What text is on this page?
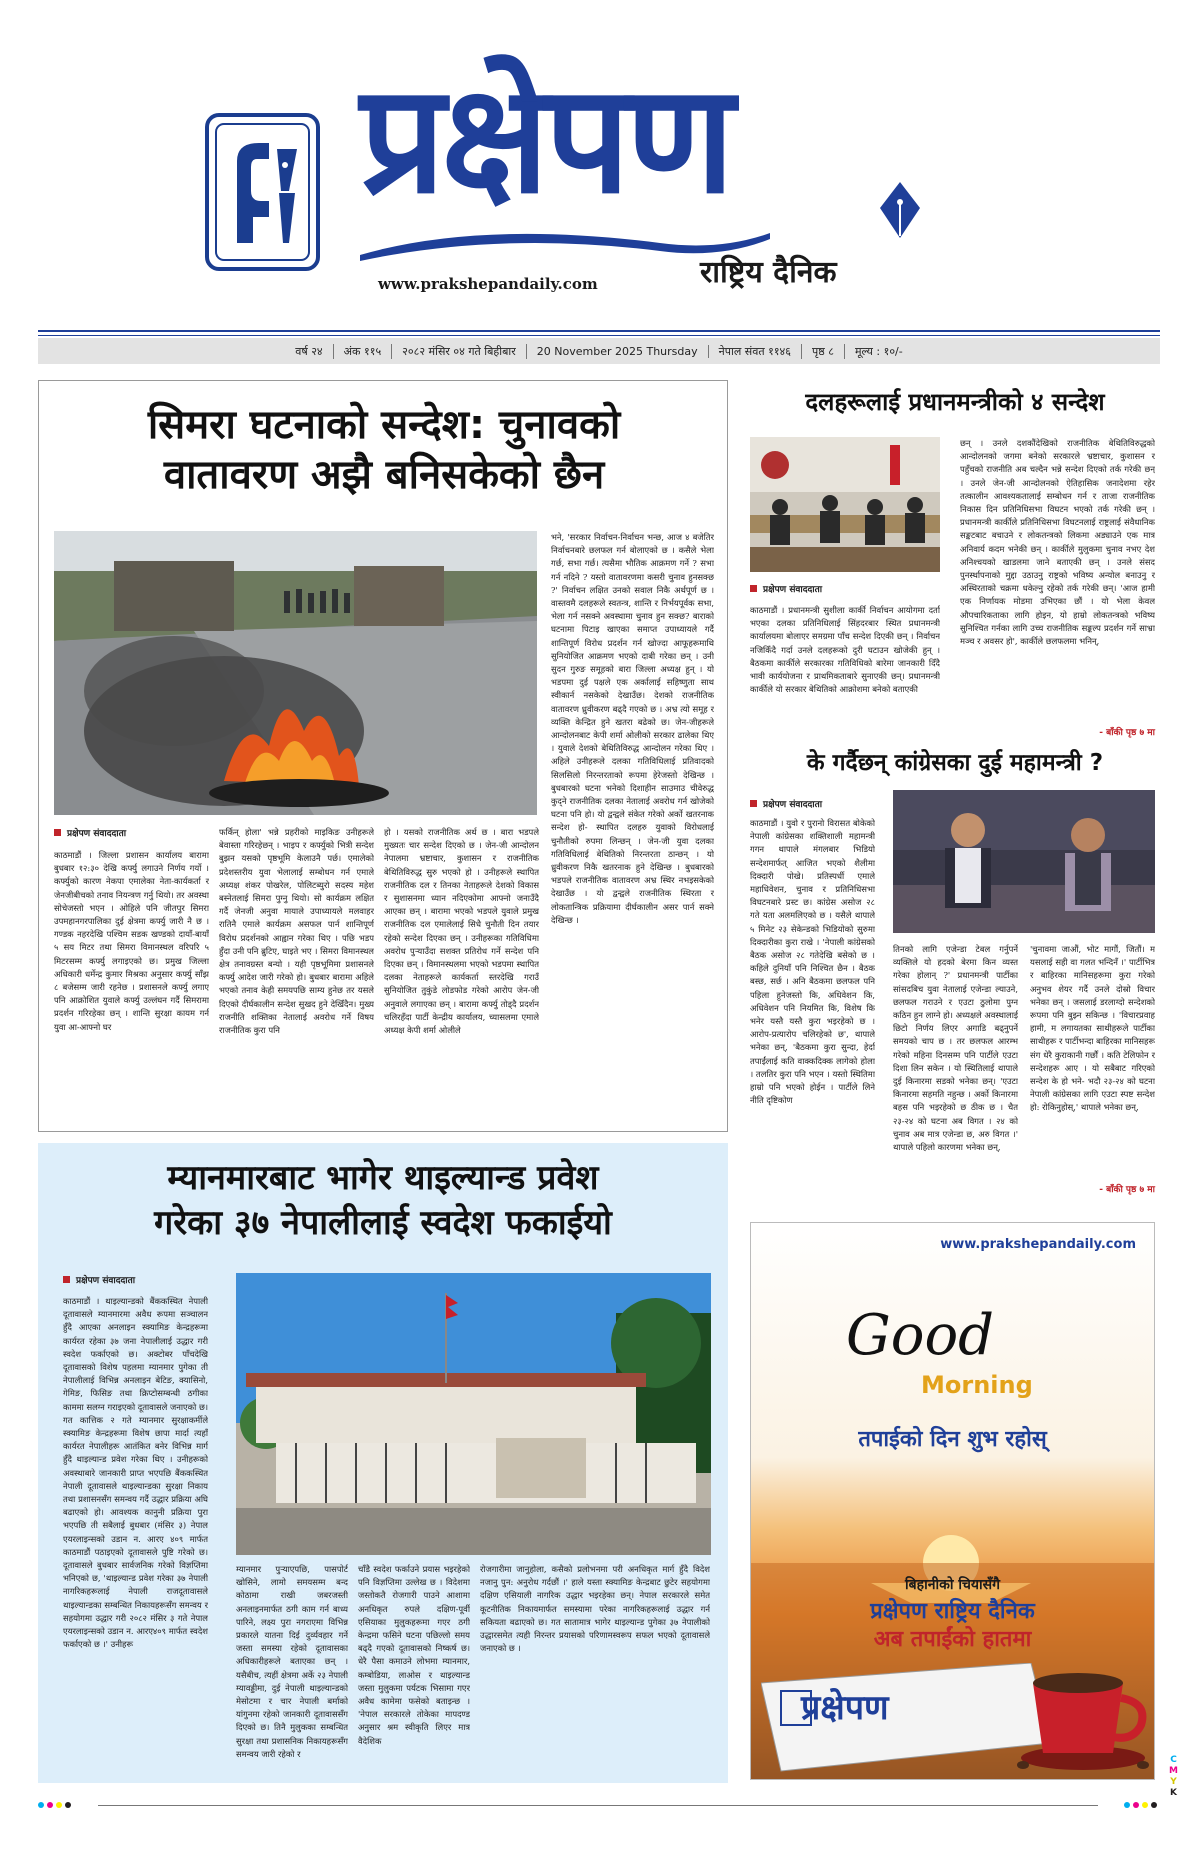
प्रक्षेपण
www.prakshepandaily.com	राष्ट्रिय दैनिक
वर्ष २४	अंक ११५	२०८२ मंसिर ०४ गते बिहीबार	20 November 2025 Thursday	नेपाल संवत ११४६	पृष्ठ ८	मूल्य : १०/-
सिमरा घटनाको सन्देश: चुनावको
वातावरण अझै बनिसकेको छैन
प्रक्षेपण संवाददाता
काठमाडौं । जिल्ला प्रशासन कार्यालय बारामा बुधबार १२:३० देखि कर्फ्यु लगाउने निर्णय गर्यो । कर्फ्युको कारण नेकपा एमालेका नेता-कार्यकर्ता र जेनजीबीचको तनाव नियन्त्रण गर्नु थियो। तर अवस्था सोचेजस्तो भएन । ओहिले पनि जीतपुर सिमरा उपमहानगरपालिका दुई क्षेत्रमा कर्फ्यु जारी नै छ । गण्डक नहरदेखि पश्चिम सडक खण्डको दायाँ-बायाँ ५ सय मिटर तथा सिमरा विमानस्थल वरिपरि ५ मिटरसम्म कर्फ्यु लगाइएको छ। प्रमुख जिल्ला अधिकारी धर्मेन्द्र कुमार मिश्रका अनुसार कर्फ्यु साँझ ८ बजेसम्म जारी रहनेछ । प्रशासनले कर्फ्यु लगाए पनि आक्रोशित युवाले कर्फ्यु उल्लंघन गर्दै सिमरामा प्रदर्शन गरिरहेका छन् । शान्ति सुरक्षा कायम गर्न युवा आ-आफ्नो घर
फर्किन् होला' भन्ने प्रहरीको माइकिङ उनीहरूले बेवास्ता गरिरहेछन् । भाइप र कर्फ्युको भित्री सन्देश बुझन यसको पृष्ठभूमि केलाउनै पर्छ। एमालेको प्रदेशस्तरीय युवा भेलालाई सम्बोधन गर्न एमाले अध्यक्ष शंकर पोखरेल, पोलिटब्युरो सदस्य महेश बस्नेतलाई सिमरा पुग्नु थियो। सो कार्यक्रम लक्षित गर्दै जेनजी अनुवा मायाले उपाध्यायले मलवाहर रातिनै एमाले कार्यक्रम असफल पार्न शान्तिपूर्ण विरोध प्रदर्शनको आह्वान गरेका थिए । पछि भडप हुँदा उनी पनि ब्रुटिए, घाइते भए । सिमरा विमानस्थल क्षेत्र तनावग्रस्त बन्यो । यही पृष्ठभूमिमा प्रशासनले कर्फ्यु आदेश जारी गरेको हो। बुधबार बारामा अहिले भएको तनाव केही समयपछि साम्य हुनेछ तर यसले दिएको दीर्घकालीन सन्देश सुखद हुने देखिँदैन। मुख्य राजनीति शक्तिका नेतालाई अवरोध गर्ने विषय राजनीतिक कुरा पनि
हो । यसको राजनीतिक अर्थ छ । बारा भडपले मुख्यतः चार सन्देश दिएको छ । जेन-जी आन्दोलन नेपालमा भ्रष्टाचार, कुशासन र राजनीतिक बेथितिविरुद्ध सुरु भएको हो । उनीहरूले स्थापित राजनीतिक दल र तिनका नेताहरूले देशको विकास र सुशासनमा ध्यान नदिएकोमा आफ्नो जनाउँदै आएका छन् । बारामा भएको भडपले युवाले प्रमुख राजनीतिक दल एमालेलाई सिधै चुनौती दिन तयार रहेको सन्देश दिएका छन् । उनीहरूका गतिविधिमा अवरोध पुऱ्याउँदा सशक्त प्रतिरोध गर्ने सन्देश पनि दिएका छन् । विमानस्थलमा भएको भडपमा स्थापित दलका नेताहरूले कार्यकर्ता स्तरदेखि गराउँ सुनियोजित तुकुंडे लोडफोड गरेको आरोप जेन-जी अनुवाले लगाएका छन् । बारामा कर्फ्यु तोड्दै प्रदर्शन चलिरहँदा पार्टी केन्द्रीय कार्यालय, च्यासलमा एमाले अध्यक्ष केपी शर्मा ओलीले
भने, 'सरकार निर्वाचन-निर्वाचन भन्छ, आज ४ बजेतिर निर्वाचनबारे छलफल गर्न बोलाएको छ । कसैले भेला गर्छ, सभा गर्छ। त्यसैमा भौतिक आक्रमण गर्ने ? सभा गर्न नदिने ? यस्तो वातावरणमा कसरी चुनाव हुनसक्छ ?' निर्वाचन लक्षित उनको सवाल निकै अर्थपूर्ण छ । वास्तवमै दलहरूले स्वतन्त्र, शान्ति र निर्भयपूर्वक सभा, भेला गर्न नसक्ने अवस्थामा चुनाव हुन सक्छ? बाराको घटनामा पिटाइ खाएका समाप्त उपाध्यायले गर्दै शान्तिपूर्ण विरोध प्रदर्शन गर्न खोज्दा आफूहरूमाथि सुनियोजित आक्रमण भएको दाबी गरेका छन् । उनी सुदन गुरुङ समूहको बारा जिल्ला अध्यक्ष हुन् । यो भडपमा दुई पक्षले एक अर्कालाई सहिष्णुता साथ स्वीकार्न नसकेको देखाउँछ। देशको राजनीतिक वातावरण ध्रुवीकरण बढ्दै गएको छ । अभ्र त्यो समूह र व्यक्ति केन्द्रित हुने खतरा बढेको छ। जेन-जीहरूले आन्दोलनबाट केपी शर्मा ओलीको सरकार ढालेका थिए । युवाले देशको बेथितिविरुद्ध आन्दोलन गरेका थिए । अहिले उनीहरूले दलका गतिविधिलाई प्रतिवादको सिलसिलो निरन्तरताको रूपमा हेरेजस्तो देखिन्छ । बुधबारको घटना भनेको दिशाहीन साउमाउ चीवेरुद्ध कुद्ने राजनीतिक दलका नेतालाई अवरोध गर्न खोजेको घटना पनि हो। यो द्वन्द्वले संकेत गरेको अर्को खतरनाक सन्देश हो- स्थापित दलहरु युवाको विरोधलाई चुनौतीको रुपमा लिन्छन् । जेन-जी युवा दलका गतिविधिलाई बेथितिको निरन्तरता ठान्छन् । यो ध्रुवीकरण निकै खतरनाक हुने देखिन्छ । बुधबारको भडपले राजनीतिक वातावरण अभ्र स्थिर नभइसकेको देखाउँछ । यो द्वन्द्वले राजनीतिक स्थिरता र लोकतान्त्रिक प्रक्रियामा दीर्घकालीन असर पार्न सक्ने देखिन्छ ।
दलहरूलाई प्रधानमन्त्रीको ४ सन्देश
प्रक्षेपण संवाददाता
काठमाडौं । प्रधानमन्त्री सुशीला कार्की निर्वाचन आयोगमा दर्ता भएका दलका प्रतिनिधिलाई सिंहदरबार स्थित प्रधानमन्त्री कार्यालयमा बोलाएर समग्रमा पाँच सन्देश दिएकी छन् । निर्वाचन नजिकिँदै गर्दा उनले दलहरूको दुरी घटाउन खोजेकी हुन् । बैठकमा कार्कीले सरकारका गतिविधिको बारेमा जानकारी दिँदै भावी कार्ययोजना र प्राथमिकताबारे सुनाएकी छन्। प्रधानमन्त्री कार्कीले यो सरकार बेथितिको आक्रोशमा बनेको बताएकी
छन् । उनले दशकौंदेखिको राजनीतिक बेथितिविरुद्धको आन्दोलनको जगमा बनेको सरकारले भ्रष्टाचार, कुशासन र पहुँचको राजनीति अब चल्दैन भन्ने सन्देश दिएको तर्क गरेकी छन् । उनले जेन-जी आन्दोलनको ऐतिहासिक जनादेशमा रहेर तत्कालीन आवश्यकतालाई सम्बोधन गर्न र ताजा राजनीतिक निकास दिन प्रतिनिधिसभा विघटन भएको तर्क गरेकी छन् । प्रधानमन्त्री कार्कीले प्रतिनिधिसभा विघटनलाई राष्ट्रलाई संवैधानिक सङ्कटबाट बचाउने र लोकतन्त्रको लिकमा अड्याउने एक मात्र अनिवार्य कदम भनेकी छन् । कार्कीले मुलुकमा चुनाव नभए देश अनिश्चयको खाडलमा जाने बताएकी छन् । उनले संसद पुनर्स्थापनाको मुद्दा उठाउनु राष्ट्रको भविष्य अन्योल बनाउनु र अस्थिरताको चक्रमा धकेल्नु रहेको तर्क गरेकी छन्। 'आज हामी एक निर्णायक मोडमा उभिएका छौं । यो भेला केवल औपचारिकताका लागि होइन, यो हाम्रो लोकतन्त्रको भविष्य सुनिश्चित गर्नका लागि उच्च राजनीतिक सङ्कल्प प्रदर्शन गर्ने साभ्रा मञ्च र अवसर हो', कार्कीले छलफलमा भनिन्,
- बाँकी पृष्ठ ७ मा
के गर्दैछन् कांग्रेसका दुई महामन्त्री ?
प्रक्षेपण संवाददाता
काठमाडौं । युवो र पुरानो विरासत बोकेको नेपाली कांग्रेसका शक्तिशाली महामन्त्री गगन थापाले मंगलबार भिडियो सन्देशमार्फत् आजित भएको शैलीमा दिक्दारी पोखे। प्रतिस्पर्धी एमाले महाधिवेशन, चुनाव र प्रतिनिधिसभा विघटनबारे प्रस्ट छ। कांग्रेस असोज २८ गते यता अलमलिएको छ । यसैले थापाले ५ मिनेट २३ सेकेन्डको भिडियोको सुरुमा दिक्दारीका कुरा राखे । 'नेपाली कांग्रेसको बैठक असोज २८ गतेदेखि बसेको छ । कहिले दुनियाँ पनि निश्चित छैन । बैठक बस्छ, सर्छ । अनि बैठकमा छलफल पनि पहिला हुनेजस्तो कि, अधिवेशन कि, अधिवेशन पनि नियमित कि, विशेष कि भनेर यस्तै यस्तै कुरा भइरहेको छ । आरोप-प्रत्यारोप चलिरहेको छ', थापाले भनेका छन्, 'बैठकमा कुरा सुन्दा, हेर्दा तपाईंलाई कति वाक्कदिक्क लागेको होला । तलतिर कुरा पनि भएन । यस्तो स्थितिमा हाम्रो पनि भएको होईन । पार्टीले लिने नीति दृष्टिकोण
तिनको लागि एजेन्डा टेबल गर्नुपर्ने व्यक्तिले यो हदको बेरमा किन व्यस्त गरेका होलान् ?' प्रधानमन्त्री पार्टीका सांसदबिच युवा नेतालाई एजेन्डा ल्याउने, छलफल गराउने र एउटा ठुलोमा पुग्न कठिन हुन लाग्ने हो। अध्यक्षले अवस्थालाई छिटो निर्णय लिएर अगाडि बढ्नुपर्ने समयको चाप छ । तर छलफल आरम्भ गरेको महिना दिनसम्म पनि पार्टीले एउटा दिशा लिन सकेन । यो स्थितिलाई थापाले दुई किनारमा सडको भनेका छन्। 'एउटा किनारमा सहमति नहुन्छ । अर्को किनारमा बहस पनि भइरहेको छ ठीक छ । चैत २३-२४ को घटना अब विगत । २४ को चुनाव अब मात्र एजेन्डा छ, अरु विगत ।' थापाले पहिलो कारणमा भनेका छन्,
'चुनावमा जाऔं, भोट मागौं, जितौं। म यसलाई सही वा गलत भन्दिनँ ।' पार्टीभित्र र बाहिरका मानिसहरूमा कुरा गरेको अनुभव शेयर गर्दै उनले दोस्रो विचार भनेका छन् । जसलाई डरलाग्दो सन्देशको रूपमा पनि बुझ्न सकिन्छ । 'विचारप्रवाह हामी, म लगायतका साथीहरूले पार्टीका साथीहरू र पार्टीभन्दा बाहिरका मानिसहरू संग धेरै कुराकानी गर्छौं । कति टेलिफोन र सन्देशहरू आए । यो सबैबाट गरिएको सन्देश के हो भने- भदौ २३-२४ को घटना नेपाली कांग्रेसका लागि एउटा स्पष्ट सन्देश हो: रोकिनुहोस्,' थापाले भनेका छन्,
- बाँकी पृष्ठ ७ मा
म्यानमारबाट भागेर थाइल्यान्ड प्रवेश
गरेका ३७ नेपालीलाई स्वदेश फकाईयो
प्रक्षेपण संवाददाता
काठमाडौं । थाइल्यान्डको बैंककस्थित नेपाली दूतावासले म्यानमारमा अवैध रूपमा सञ्चालन हुँदै आएका अनलाइन स्क्यामिङ केन्द्रहरूमा कार्यरत रहेका ३७ जना नेपालीलाई उद्धार गरी स्वदेश फर्काएको छ। अक्टोबर पाँचदेखि दूतावासको विशेष पहलमा म्यानमार पुगेका ती नेपालीलाई विभिन्न अनलाइन बेटिङ, क्यासिनो, गेमिङ, फिसिङ तथा क्रिप्टोसम्बन्धी ठगीका काममा सलग्न गराइएको दूतावासले जनाएको छ। गत कात्तिक २ गते म्यानमार सुरक्षाकर्मीले स्क्यामिङ केन्द्रहरूमा विशेष छापा मार्दा त्यहाँ कार्यरत नेपालीहरू आतंकित बनेर विभिन्न मार्ग हुँदै थाइल्यान्ड प्रवेश गरेका थिए । उनीहरूको अवस्थाबारे जानकारी प्राप्त भएपछि बैंककस्थित नेपाली दूतावासले थाइल्यान्डका सुरक्षा निकाय तथा प्रशासनसँग समन्वय गर्दै उद्धार प्रक्रिया अघि बढाएको हो। आवश्यक कानुनी प्रक्रिया पुरा भएपछि ती सबैलाई बुधबार (मंसिर ३) नेपाल एयरलाइन्सको उडान न. आरए ४०९ मार्फत काठमाडौं पठाइएको दूतावासले पुष्टि गरेको छ। दूतावासले बुधबार सार्वजनिक गरेको विज्ञप्तिमा भनिएको छ, 'थाइल्यान्ड प्रवेश गरेका ३७ नेपाली नागरिकहरूलाई नेपाली राजदूतावासले थाइल्यान्डका सम्बन्धित निकायहरूसँग समन्वय र सहयोगमा उद्धार गरी २०८२ मंसिर ३ गते नेपाल एयरलाइन्सको उडान न. आरए४०९ मार्फत स्वदेश फर्काएको छ ।' उनीहरू
म्यानमार पुऱ्याएपछि, पासपोर्ट खोसिने, लामो समयसम्म बन्द कोठामा राखी जबरजस्ती अनलाइनमार्फत ठगी काम गर्न बाध्य पारिने, लक्ष्य पुरा नगराएमा विभिन्न प्रकारले यातना दिई दुर्व्यवहार गर्ने जस्ता समस्या रहेको दूतावासका अधिकारीहरूले बताएका छन् । यसैबीच, त्यहीं क्षेत्रमा अर्के २३ नेपाली म्यावड्डीमा, दुई नेपाली थाइल्यान्डको मेसोटमा र चार नेपाली बर्माको यांगुनमा रहेको जानकारी दूतावाससँग दिएको छ। तिनै मुलुकका सम्बन्धित सुरक्षा तथा प्रशासनिक निकायहरूसँग समन्वय जारी रहेको र
चाँडै स्वदेश फर्काउने प्रयास भइरहेको पनि विज्ञप्तिमा उल्लेख छ । विदेशमा जस्तोकतै रोजगारी पाउने आशामा अनधिकृत रुपले दक्षिण-पूर्वी एसियाका मुलुकहरूमा गएर ठगी केन्द्रमा फसिने घटना पछिल्लो समय बढ्दै गएको दूतावासको निष्कर्ष छ। धेरै पैसा कमाउने लोभमा म्यानमार, कम्बोडिया, लाओस र थाइल्यान्ड जस्ता मुलुकमा पर्यटक भिसामा गएर अवैध कामेमा फसेको बताइन्छ । 'नेपाल सरकारले तोकेका मापदण्ड अनुसार श्रम स्वीकृति लिएर मात्र वैदेशिक
रोजगारीमा जानुहोला, कसैको प्रलोभनमा परी अनधिकृत मार्ग हुँदै विदेश नजानु पुन: अनुरोध गर्दछौं ।' हाले यस्ता स्क्यामिङ केन्द्रबाट छुटेर सहयोगमा दक्षिण एसियाली नागरिक उद्धार भइरहेका छन्। नेपाल सरकारले समेत कूटनीतिक निकायमार्फत समस्यामा परेका नागरिकहरूलाई उद्धार गर्न सकियता बढाएको छ। गत सातामात्र भागेर थाइल्यान्ड पुगेका ३७ नेपालीको उद्धारसमेत त्यही निरन्तर प्रयासको परिणामस्वरूप सफल भएको दूतावासले जनाएको छ ।
www.prakshepandaily.com
Good
Morning
तपाईको दिन शुभ रहोस्
बिहानीको चियासँगै
प्रक्षेपण राष्ट्रिय दैनिक
अब तपाईंको हातमा
प्रक्षेपण
C
M
Y
K
